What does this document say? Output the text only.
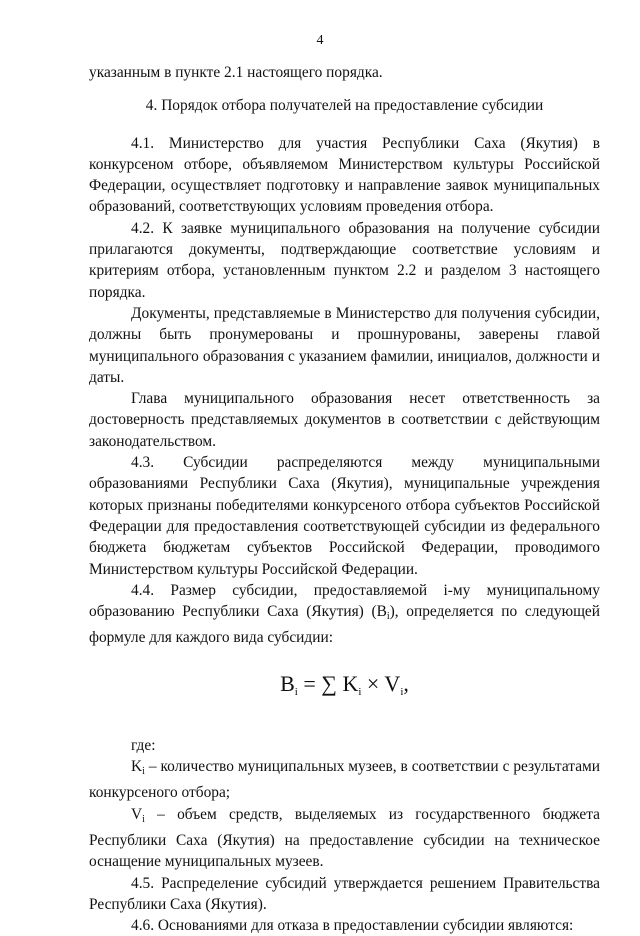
4

указанным в пункте 2.1 настоящего порядка.

4. Порядок отбора получателей на предоставление субсидии

4.1. Министерство для участия Республики Саха (Якутия) в конкурсеном отборе, объявляемом Министерством культуры Российской Федерации, осуществляет подготовку и направление заявок муниципальных образований, соответствующих условиям проведения отбора.

4.2. К заявке муниципального образования на получение субсидии прилагаются документы, подтверждающие соответствие условиям и критериям отбора, установленным пунктом 2.2 и разделом 3 настоящего порядка.

Документы, представляемые в Министерство для получения субсидии, должны быть пронумерованы и прошнурованы, заверены главой муниципального образования с указанием фамилии, инициалов, должности и даты.

Глава муниципального образования несет ответственность за достоверность представляемых документов в соответствии с действующим законодательством.

4.3. Субсидии распределяются между муниципальными образованиями Республики Саха (Якутия), муниципальные учреждения которых признаны победителями конкурсеного отбора субъектов Российской Федерации для предоставления соответствующей субсидии из федерального бюджета бюджетам субъектов Российской Федерации, проводимого Министерством культуры Российской Федерации.

4.4. Размер субсидии, предоставляемой i-му муниципальному образованию Республики Саха (Якутия) $(B_i)$, определяется по следующей формуле для каждого вида субсидии:

$B_i$ = ∑ $K_i \times V_i$,

где:

$K_i$ – количество муниципальных музеев, в соответствии с результатами конкурсеного отбора;

$V_i$ – объем средств, выделяемых из государственного бюджета Республики Саха (Якутия) на предоставление субсидии на техническое оснащение муниципальных музеев.

4.5. Распределение субсидий утверждается решением Правительства Республики Саха (Якутия).

4.6. Основаниями для отказа в предоставлении субсидии являются:
